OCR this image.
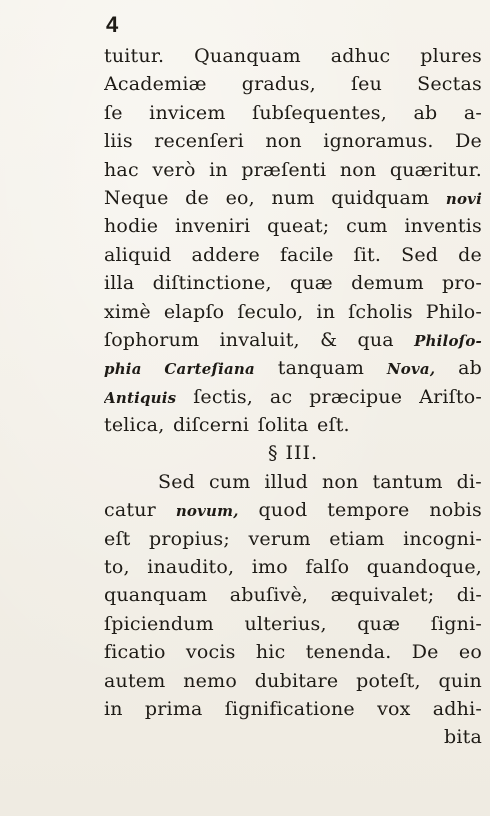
4
tuitur. Quanquam adhuc plures
Academiæ gradus, ſeu Sectas
ſe invicem ſubſequentes, ab a-
liis recenſeri non ignoramus. De
hac verò in præſenti non quæritur.
Neque de eo, num quidquam novi
hodie inveniri queat; cum inventis
aliquid addere facile ſit. Sed de
illa diſtinctione, quæ demum pro-
ximè elapſo ſeculo, in ſcholis Philo-
ſophorum invaluit, & qua Philoſo-
phia Carteſiana tanquam Nova, ab
Antiquis ſectis, ac præcipue Ariſto-
telica, diſcerni ſolita eſt.
§ III.
Sed cum illud non tantum di-
catur novum, quod tempore nobis
eſt propius; verum etiam incogni-
to, inaudito, imo falſo quandoque,
quanquam abuſivè, æquivalet; di-
ſpiciendum ulterius, quæ ſigni-
ficatio vocis hic tenenda. De eo
autem nemo dubitare poteſt, quin
in prima ſignificatione vox adhi-
bita
